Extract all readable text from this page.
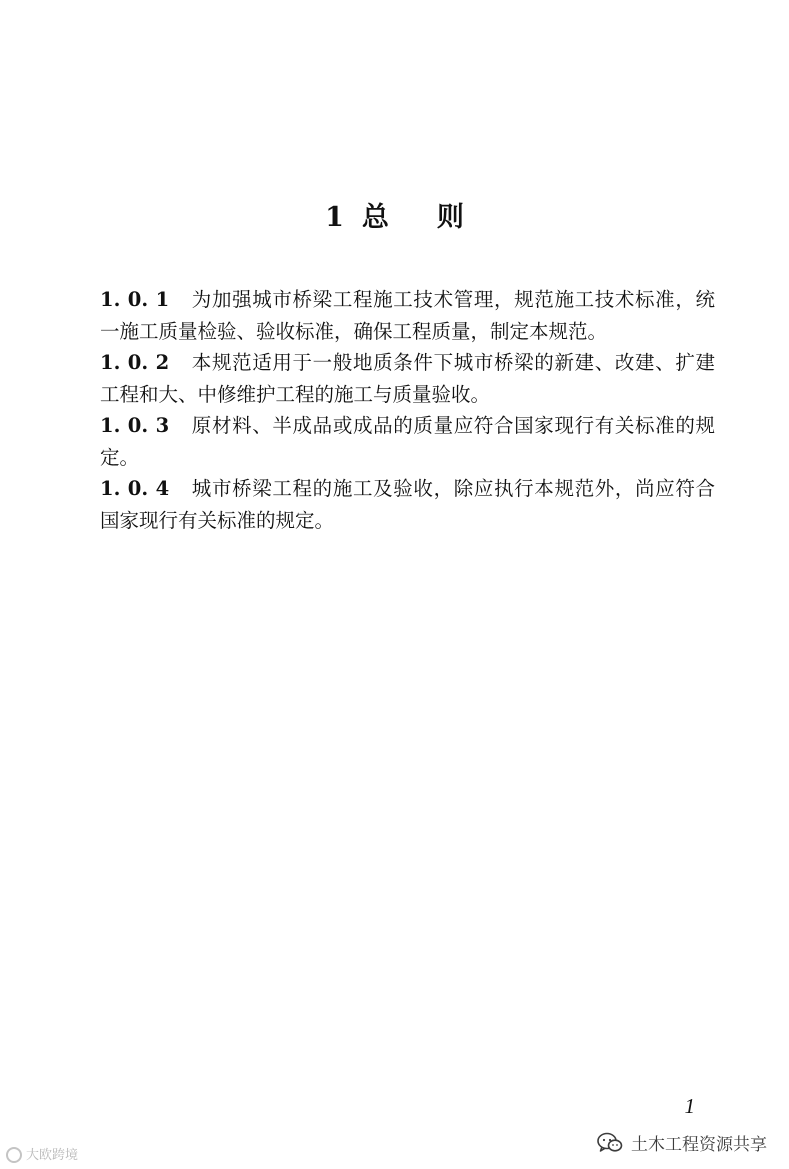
1 总 则
1. 0. 1 为加强城市桥梁工程施工技术管理，规范施工技术标准，统一施工质量检验、验收标准，确保工程质量，制定本规范。
1. 0. 2 本规范适用于一般地质条件下城市桥梁的新建、改建、扩建工程和大、中修维护工程的施工与质量验收。
1. 0. 3 原材料、半成品或成品的质量应符合国家现行有关标准的规定。
1. 0. 4 城市桥梁工程的施工及验收，除应执行本规范外，尚应符合国家现行有关标准的规定。
1
大欧跨境	土木工程资源共享
